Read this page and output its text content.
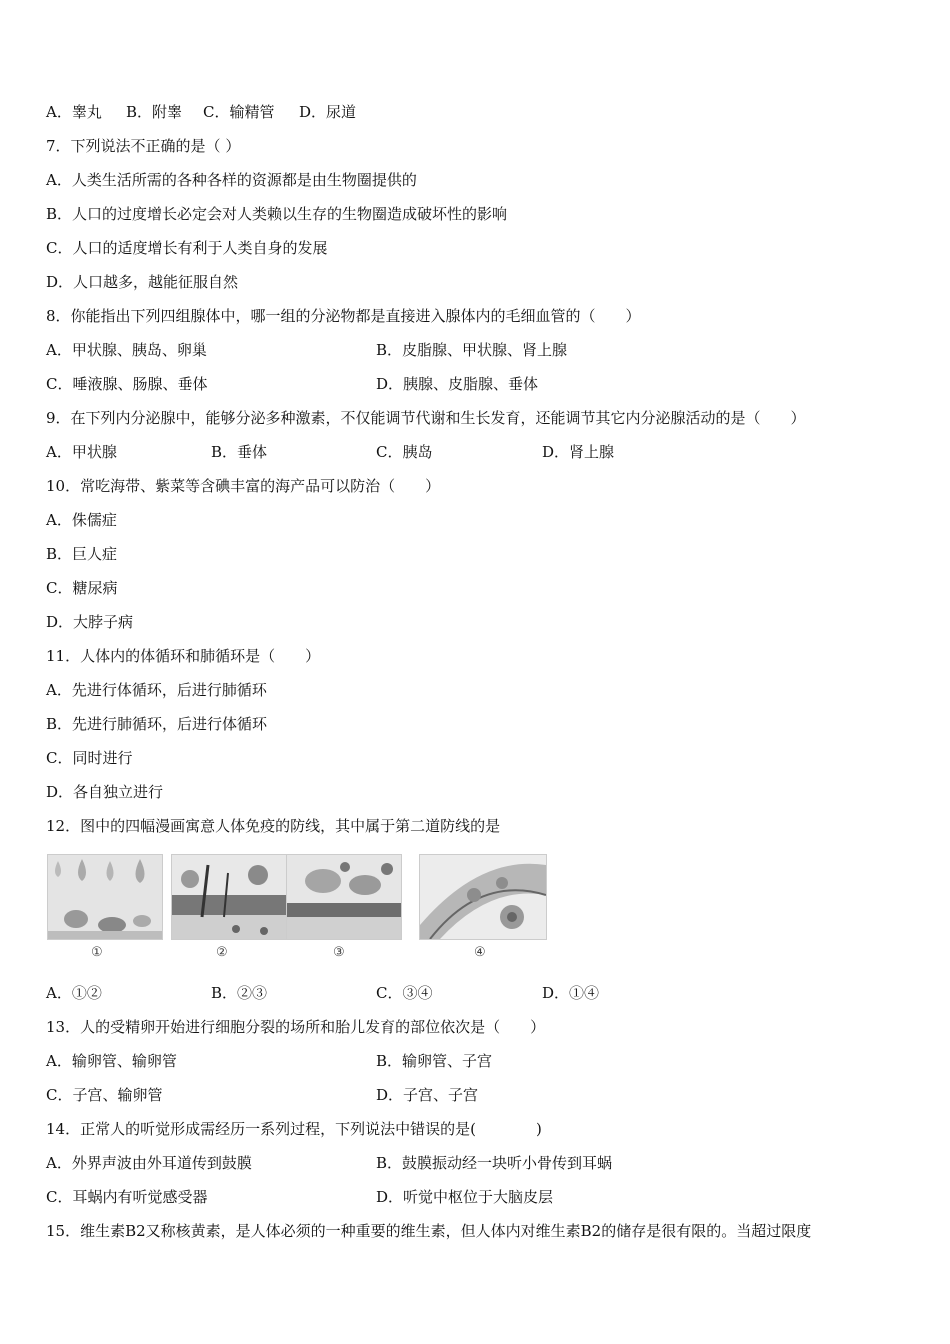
A．睾丸 B．附睾 C．输精管 D．尿道
7．下列说法不正确的是（ ）
A．人类生活所需的各种各样的资源都是由生物圈提供的
B．人口的过度增长必定会对人类赖以生存的生物圈造成破坏性的影响
C．人口的适度增长有利于人类自身的发展
D．人口越多，越能征服自然
8．你能指出下列四组腺体中，哪一组的分泌物都是直接进入腺体内的毛细血管的（　　）
A．甲状腺、胰岛、卵巢	B．皮脂腺、甲状腺、肾上腺
C．唾液腺、肠腺、垂体	D．胰腺、皮脂腺、垂体
9．在下列内分泌腺中，能够分泌多种激素，不仅能调节代谢和生长发育，还能调节其它内分泌腺活动的是（　　）
A．甲状腺	B．垂体	C．胰岛	D．肾上腺
10．常吃海带、紫菜等含碘丰富的海产品可以防治（　　）
A．侏儒症
B．巨人症
C．糖尿病
D．大脖子病
11．人体内的体循环和肺循环是（　　）
A．先进行体循环，后进行肺循环
B．先进行肺循环，后进行体循环
C．同时进行
D．各自独立进行
12．图中的四幅漫画寓意人体免疫的防线，其中属于第二道防线的是
①	②	③	④
A．①②	B．②③	C．③④	D．①④
13．人的受精卵开始进行细胞分裂的场所和胎儿发育的部位依次是（　　）
A．输卵管、输卵管	B．输卵管、子宫
C．子宫、输卵管	D．子宫、子宫
14．正常人的听觉形成需经历一系列过程，下列说法中错误的是(　　　　)
A．外界声波由外耳道传到鼓膜	B．鼓膜振动经一块听小骨传到耳蜗
C．耳蜗内有听觉感受器	D．听觉中枢位于大脑皮层
15．维生素B2又称核黄素，是人体必须的一种重要的维生素，但人体内对维生素B2的储存是很有限的。当超过限度
